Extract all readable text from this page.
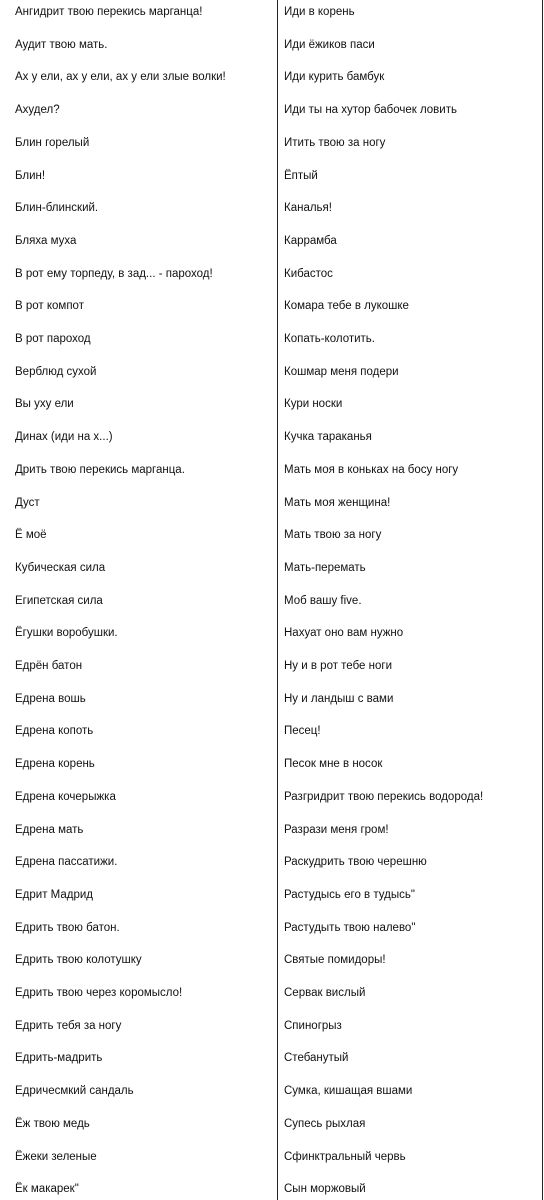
Ангидрит твою перекись марганца!
Аудит твою мать.
Ах у ели, ах у ели, ах у ели злые волки!
Ахудел?
Блин горелый
Блин!
Блин-блинский.
Бляха муха
В рот ему торпеду, в зад... - пароход!
В рот компот
В рот пароход
Верблюд сухой
Вы уху ели
Динах (иди на х...)
Дрить твою перекись марганца.
Дуст
Ё моё
Кубическая сила
Египетская сила
Ёгушки воробушки.
Едрён батон
Едрена вошь
Едрена копоть
Едрена корень
Едрена кочерыжка
Едрена мать
Едрена пассатижи.
Едрит Мадрид
Едрить твою батон.
Едрить твою колотушку
Едрить твою через коромысло!
Едрить тебя за ногу
Едрить-мадрить
Едричесмкий сандаль
Ёж твою медь
Ёжеки зеленые
Ёк макарек"
Иди в корень
Иди ёжиков паси
Иди курить бамбук
Иди ты на хутор бабочек ловить
Итить твою за ногу
Ёптый
Каналья!
Каррамба
Кибастос
Комара тебе в лукошке
Копать-колотить.
Кошмар меня подери
Кури носки
Кучка тараканья
Мать моя в коньках на босу ногу
Мать моя женщина!
Мать твою за ногу
Мать-перемать
Моб вашу five.
Нахуат оно вам нужно
Ну и в рот тебе ноги
Ну и ландыш с вами
Песец!
Песок мне в носок
Разгридрит твою перекись водорода!
Разрази меня гром!
Раскудрить твою черешню
Растудысь его в тудысь"
Растудыть твою налево"
Святые помидоры!
Сервак вислый
Спиногрыз
Стебанутый
Сумка, кишащая вшами
Супесь рыхлая
Сфинктральный червь
Сын моржовый
